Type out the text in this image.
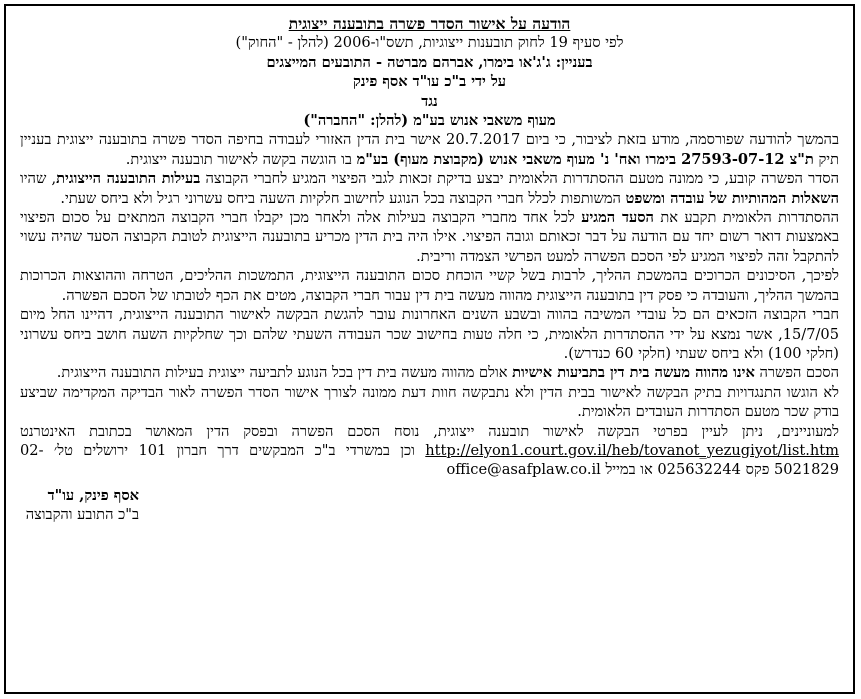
הודעה על אישור הסדר פשרה בתובענה ייצוגית

לפי סעיף 19 לחוק תובענות ייצוגיות, תשס"ו-2006 (להלן - "החוק")

בעניין: ג'ג'או בימרו, אברהם מברטה - התובעים המייצגים

על ידי ב"כ עו"ד אסף פינק

נגד

מעוף משאבי אנוש בע"מ (להלן: "החברה")

בהמשך להודעה שפורסמה, מודע בזאת לציבור, כי ביום 20.7.2017 אישר בית הדין האזורי לעבודה בחיפה הסדר פשרה בתובענה ייצוגית בעניין תיק ת"צ 27593-07-12 בימרו ואח' נ' מעוף משאבי אנוש (מקבוצת מעוף) בע"מ בו הוגשה בקשה לאישור תובענה ייצוגית.

הסדר הפשרה קובע, כי ממונה מטעם ההסתדרות הלאומית יבצע בדיקת זכאות לגבי הפיצוי המגיע לחברי הקבוצה בעילות התובענה הייצוגית, שהיו השאלות המהותיות של עובדה ומשפט המשותפות לכלל חברי הקבוצה בכל הנוגע לחישוב חלקיות השעה ביחס עשרוני רגיל ולא ביחס שעתי.

ההסתדרות הלאומית תקבע את הסעד המגיע לכל אחד מחברי הקבוצה בעילות אלה ולאחר מכן יקבלו חברי הקבוצה המתאים על סכום הפיצוי באמצעות דואר רשום יחד עם הודעה על דבר זכאותם וגובה הפיצוי. אילו היה בית הדין מכריע בתובענה הייצוגית לטובת הקבוצה הסעד שהיה עשוי להתקבל זהה לפיצוי המגיע לפי הסכם הפשרה למעט הפרשי הצמדה וריבית.

לפיכך, הסיכונים הכרוכים בהמשכת ההליך, לרבות בשל קשיי הוכחת סכום התובענה הייצוגית, התמשכות ההליכים, הטרחה וההוצאות הכרוכות בהמשך ההליך, והעובדה כי פסק דין בתובענה הייצוגית מהווה מעשה בית דין עבור חברי הקבוצה, מטים את הכף לטובתו של הסכם הפשרה.

חברי הקבוצה הזכאים הם כל עובדי המשיבה בהווה ובשבע השנים האחרונות עובר להגשת הבקשה לאישור התובענה הייצוגית, דהיינו החל מיום 15/7/05, אשר נמצא על ידי ההסתדרות הלאומית, כי חלה טעות בחישוב שכר העבודה השעתי שלהם וכך שחלקיות השעה חושב ביחס עשרוני (חלקי 100) ולא ביחס שעתי (חלקי 60 כנדרש).

הסכם הפשרה אינו מהווה מעשה בית דין בתביעות אישיות אולם מהווה מעשה בית דין בכל הנוגע לתביעה ייצוגית בעילות התובענה הייצוגית.

לא הוגשו התנגדויות בתיק הבקשה לאישור בבית הדין ולא נתבקשה חוות דעת ממונה לצורך אישור הסדר הפשרה לאור הבדיקה המקדימה שביצע בודק שכר מטעם הסתדרות העובדים הלאומית.

למעוניינים, ניתן לעיין בפרטי הבקשה לאישור תובענה ייצוגית, נוסח הסכם הפשרה ובפסק הדין המאושר בכתובת האינטרנט http://elyon1.court.gov.il/heb/tovanot_yezugiyot/list.htm וכן במשרדי ב"כ המבקשים דרך חברון 101 ירושלים טל׳ 02-5021829 פקס 025632244 או במייל office@asafplaw.co.il

אסף פינק, עו"ד
ב"כ התובע והקבוצה
